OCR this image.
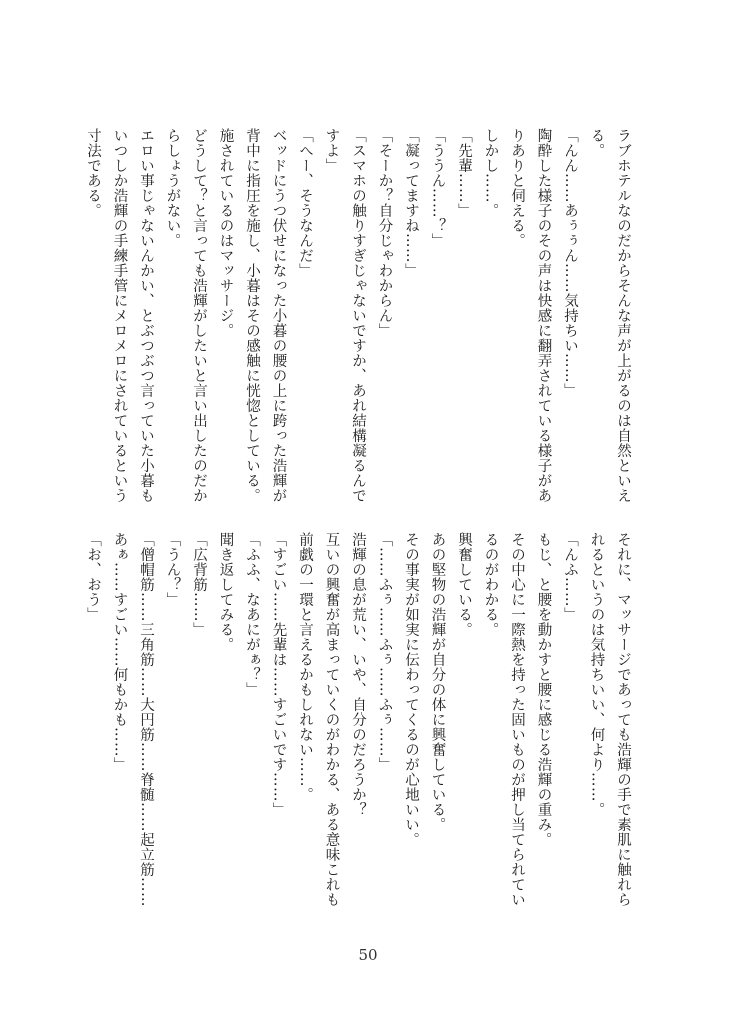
ラブホテルなのだからそんな声が上がるのは自然といえ
る。
「んん……あぅぅん……気持ちい……」
陶酔した様子のその声は快感に翻弄されている様子があ
りありと伺える。
しかし……。
「先輩……」
「ううん……？」
「凝ってますね……」
「そーか？自分じゃわからん」
「スマホの触りすぎじゃないですか、あれ結構凝るんで
すよ」
「へー、そうなんだ」
ベッドにうつ伏せになった小暮の腰の上に跨った浩輝が
背中に指圧を施し、小暮はその感触に恍惚としている。
施されているのはマッサージ。
どうして？と言っても浩輝がしたいと言い出したのだか
らしょうがない。
エロい事じゃないんかい、とぶつぶつ言っていた小暮も
いつしか浩輝の手練手管にメロメロにされているという
寸法である。
それに、マッサージであっても浩輝の手で素肌に触れら
れるというのは気持ちいい、何より……。
「んふ……」
もじ、と腰を動かすと腰に感じる浩輝の重み。
その中心に一際熱を持った固いものが押し当てられてい
るのがわかる。
興奮している。
あの堅物の浩輝が自分の体に興奮している。
その事実が如実に伝わってくるのが心地いい。
「……ふぅ……ふぅ……ふぅ……」
浩輝の息が荒い、いや、自分のだろうか？
互いの興奮が高まっていくのがわかる、ある意味これも
前戯の一環と言えるかもしれない……。
「すごい……先輩は……すごいです……」
「ふふ、なあにがぁ？」
聞き返してみる。
「広背筋……」
「うん？」
「僧帽筋……三角筋……大円筋……脊髄……起立筋……
あぁ……すごい……何もかも……」
「お、おう」
50
